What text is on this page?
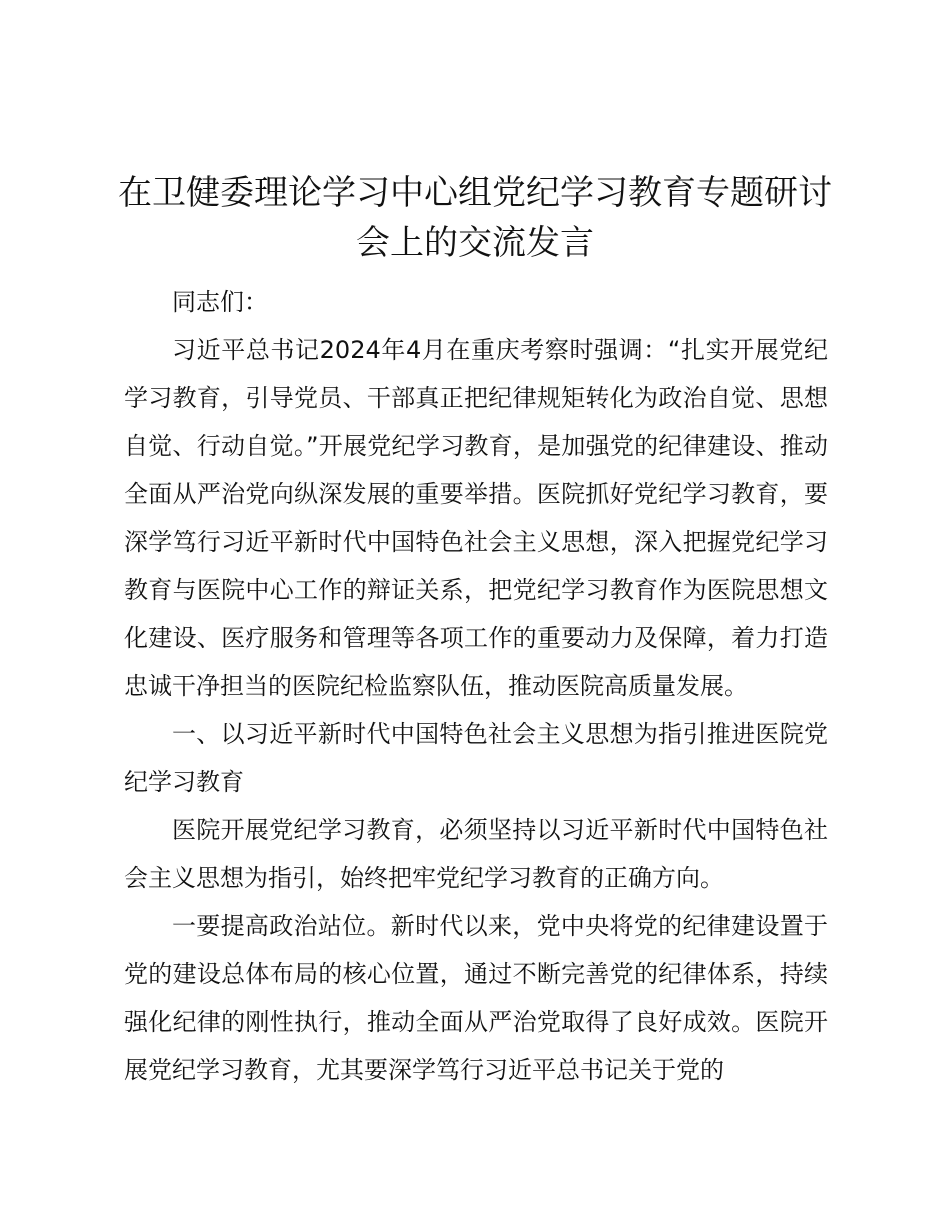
在卫健委理论学习中心组党纪学习教育专题研讨会上的交流发言

同志们：

习近平总书记2024年4月在重庆考察时强调：“扎实开展党纪学习教育，引导党员、干部真正把纪律规矩转化为政治自觉、思想自觉、行动自觉。”开展党纪学习教育，是加强党的纪律建设、推动全面从严治党向纵深发展的重要举措。医院抓好党纪学习教育，要深学笃行习近平新时代中国特色社会主义思想，深入把握党纪学习教育与医院中心工作的辩证关系，把党纪学习教育作为医院思想文化建设、医疗服务和管理等各项工作的重要动力及保障，着力打造忠诚干净担当的医院纪检监察队伍，推动医院高质量发展。

一、以习近平新时代中国特色社会主义思想为指引推进医院党纪学习教育

医院开展党纪学习教育，必须坚持以习近平新时代中国特色社会主义思想为指引，始终把牢党纪学习教育的正确方向。

一要提高政治站位。新时代以来，党中央将党的纪律建设置于党的建设总体布局的核心位置，通过不断完善党的纪律体系，持续强化纪律的刚性执行，推动全面从严治党取得了良好成效。医院开展党纪学习教育，尤其要深学笃行习近平总书记关于党的
